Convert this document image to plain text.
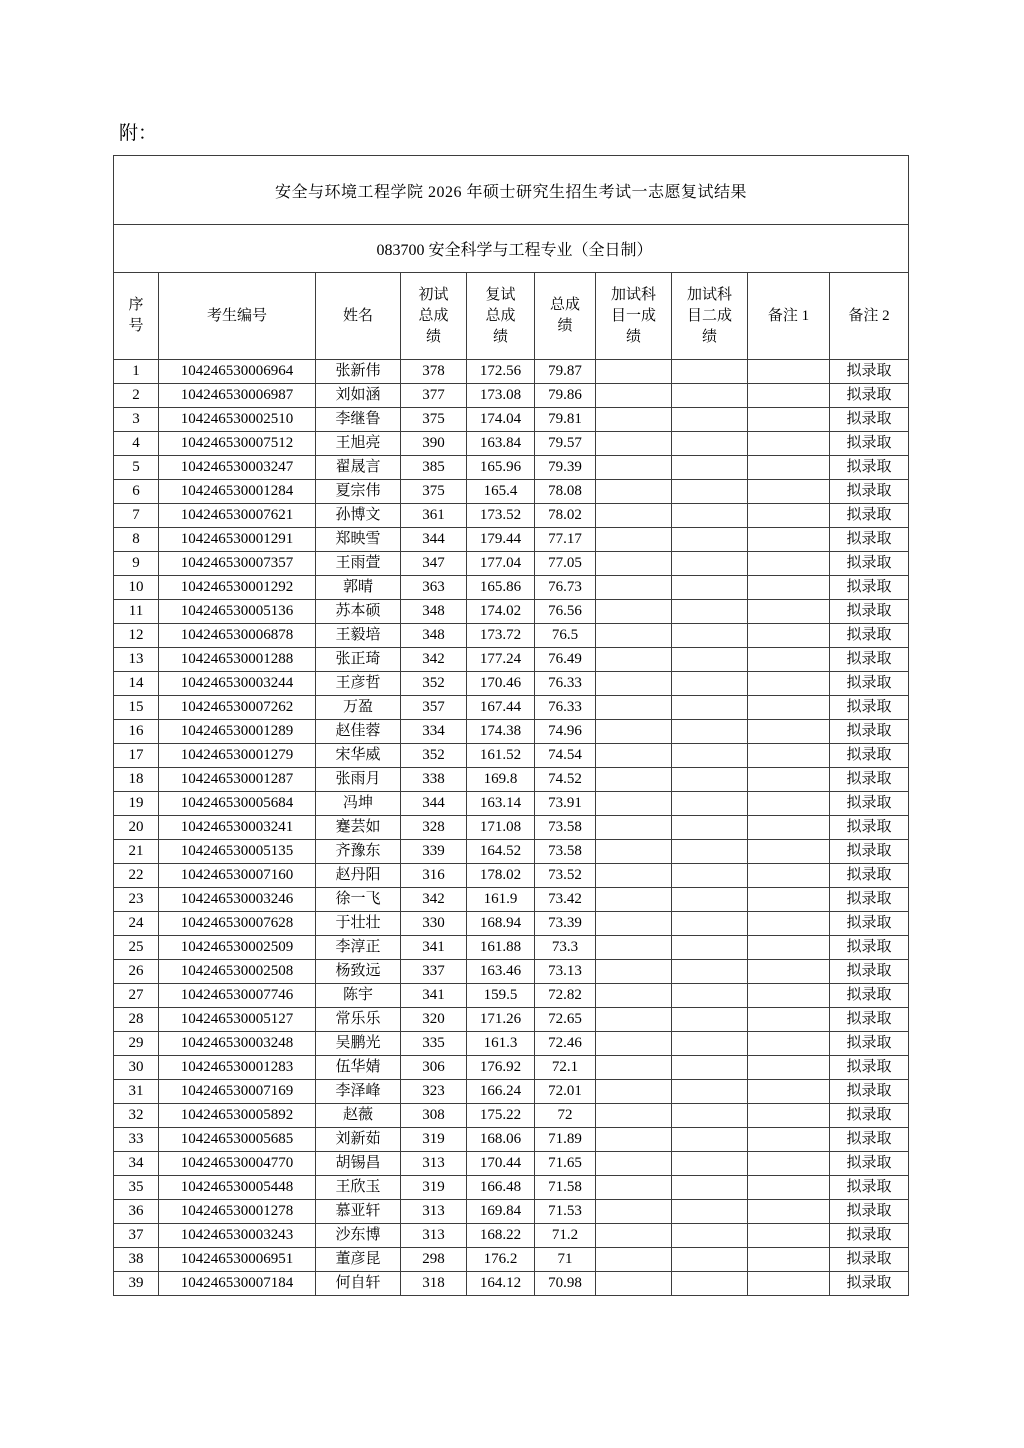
附：
安全与环境工程学院 2026 年硕士研究生招生考试一志愿复试结果									
083700 安全科学与工程专业（全日制）									
序号	考生编号	姓名	初试总成绩	复试总成绩	总成绩	加试科目一成绩	加试科目二成绩	备注 1	备注 2
1	104246530006964	张新伟	378	172.56	79.87				拟录取
2	104246530006987	刘如涵	377	173.08	79.86				拟录取
3	104246530002510	李继鲁	375	174.04	79.81				拟录取
4	104246530007512	王旭亮	390	163.84	79.57				拟录取
5	104246530003247	翟晟言	385	165.96	79.39				拟录取
6	104246530001284	夏宗伟	375	165.4	78.08				拟录取
7	104246530007621	孙博文	361	173.52	78.02				拟录取
8	104246530001291	郑映雪	344	179.44	77.17				拟录取
9	104246530007357	王雨萱	347	177.04	77.05				拟录取
10	104246530001292	郭晴	363	165.86	76.73				拟录取
11	104246530005136	苏本硕	348	174.02	76.56				拟录取
12	104246530006878	王毅培	348	173.72	76.5				拟录取
13	104246530001288	张正琦	342	177.24	76.49				拟录取
14	104246530003244	王彦哲	352	170.46	76.33				拟录取
15	104246530007262	万盈	357	167.44	76.33				拟录取
16	104246530001289	赵佳蓉	334	174.38	74.96				拟录取
17	104246530001279	宋华威	352	161.52	74.54				拟录取
18	104246530001287	张雨月	338	169.8	74.52				拟录取
19	104246530005684	冯坤	344	163.14	73.91				拟录取
20	104246530003241	蹇芸如	328	171.08	73.58				拟录取
21	104246530005135	齐豫东	339	164.52	73.58				拟录取
22	104246530007160	赵丹阳	316	178.02	73.52				拟录取
23	104246530003246	徐一飞	342	161.9	73.42				拟录取
24	104246530007628	于壮壮	330	168.94	73.39				拟录取
25	104246530002509	李淳正	341	161.88	73.3				拟录取
26	104246530002508	杨致远	337	163.46	73.13				拟录取
27	104246530007746	陈宇	341	159.5	72.82				拟录取
28	104246530005127	常乐乐	320	171.26	72.65				拟录取
29	104246530003248	吴鹏光	335	161.3	72.46				拟录取
30	104246530001283	伍华婧	306	176.92	72.1				拟录取
31	104246530007169	李泽峰	323	166.24	72.01				拟录取
32	104246530005892	赵薇	308	175.22	72				拟录取
33	104246530005685	刘新茹	319	168.06	71.89				拟录取
34	104246530004770	胡锡昌	313	170.44	71.65				拟录取
35	104246530005448	王欣玉	319	166.48	71.58				拟录取
36	104246530001278	慕亚轩	313	169.84	71.53				拟录取
37	104246530003243	沙东博	313	168.22	71.2				拟录取
38	104246530006951	董彦昆	298	176.2	71				拟录取
39	104246530007184	何自轩	318	164.12	70.98				拟录取
